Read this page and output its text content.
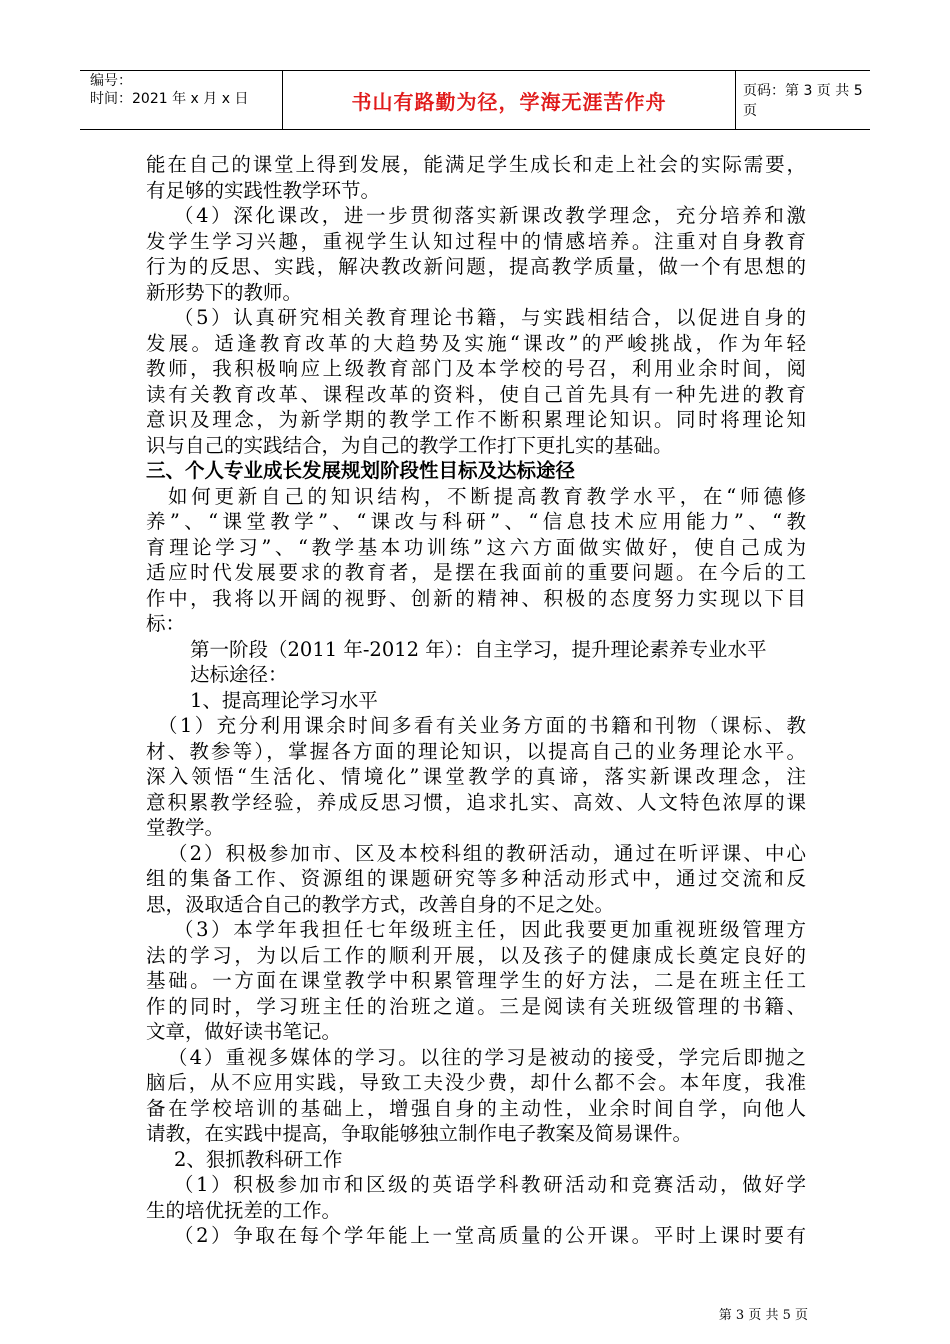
编号：
时间：2021 年 x 月 x 日	书山有路勤为径，学海无涯苦作舟	页码：第 3 页 共 5 页
能在自己的课堂上得到发展，能满足学生成长和走上社会的实际需要，
有足够的实践性教学环节。
（4）深化课改，进一步贯彻落实新课改教学理念，充分培养和激
发学生学习兴趣，重视学生认知过程中的情感培养。注重对自身教育
行为的反思、实践，解决教改新问题，提高教学质量，做一个有思想的
新形势下的教师。
（5）认真研究相关教育理论书籍，与实践相结合，以促进自身的
发展。适逢教育改革的大趋势及实施“课改”的严峻挑战，作为年轻
教师，我积极响应上级教育部门及本学校的号召，利用业余时间，阅
读有关教育改革、课程改革的资料，使自己首先具有一种先进的教育
意识及理念，为新学期的教学工作不断积累理论知识。同时将理论知
识与自己的实践结合，为自己的教学工作打下更扎实的基础。
三、个人专业成长发展规划阶段性目标及达标途径
如何更新自己的知识结构，不断提高教育教学水平，在“师德修
养”、“课堂教学”、“课改与科研”、“信息技术应用能力”、“教
育理论学习”、“教学基本功训练”这六方面做实做好，使自己成为
适应时代发展要求的教育者，是摆在我面前的重要问题。在今后的工
作中，我将以开阔的视野、创新的精神、积极的态度努力实现以下目
标：
第一阶段（2011 年-2012 年）：自主学习，提升理论素养专业水平
达标途径：
1、提高理论学习水平
（1）充分利用课余时间多看有关业务方面的书籍和刊物（课标、教
材、教参等），掌握各方面的理论知识，以提高自己的业务理论水平。
深入领悟“生活化、情境化”课堂教学的真谛，落实新课改理念，注
意积累教学经验，养成反思习惯，追求扎实、高效、人文特色浓厚的课
堂教学。
（2）积极参加市、区及本校科组的教研活动，通过在听评课、中心
组的集备工作、资源组的课题研究等多种活动形式中，通过交流和反
思，汲取适合自己的教学方式，改善自身的不足之处。
（3）本学年我担任七年级班主任，因此我要更加重视班级管理方
法的学习，为以后工作的顺利开展，以及孩子的健康成长奠定良好的
基础。一方面在课堂教学中积累管理学生的好方法，二是在班主任工
作的同时，学习班主任的治班之道。三是阅读有关班级管理的书籍、
文章，做好读书笔记。
（4）重视多媒体的学习。以往的学习是被动的接受，学完后即抛之
脑后，从不应用实践，导致工夫没少费，却什么都不会。本年度，我准
备在学校培训的基础上，增强自身的主动性，业余时间自学，向他人
请教，在实践中提高，争取能够独立制作电子教案及简易课件。
2、狠抓教科研工作
（1）积极参加市和区级的英语学科教研活动和竞赛活动，做好学
生的培优抚差的工作。
（2）争取在每个学年能上一堂高质量的公开课。平时上课时要有
第 3 页 共 5 页
